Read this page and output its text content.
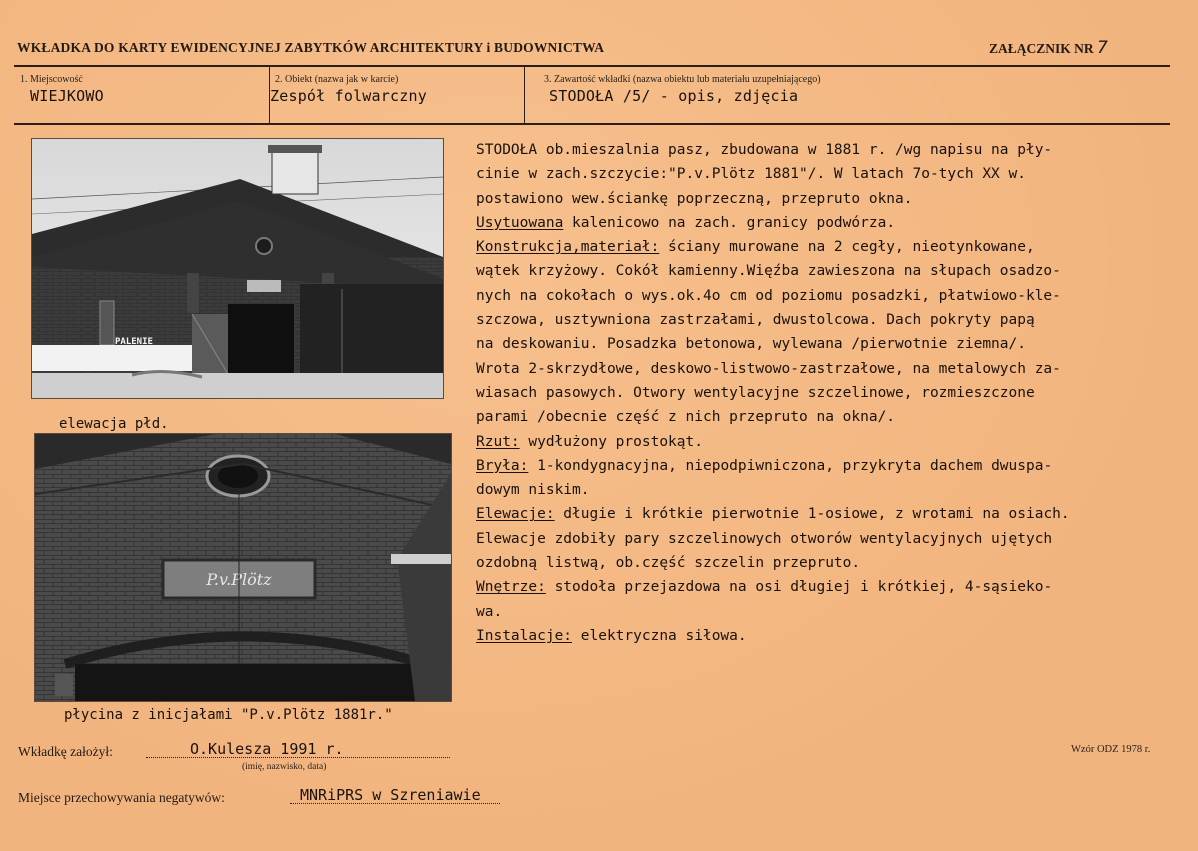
WKŁADKA DO KARTY EWIDENCYJNEJ ZABYTKÓW ARCHITEKTURY i BUDOWNICTWA	ZAŁĄCZNIK NR 7
1. Miejscowość
WIEJKOWO
2. Obiekt (nazwa jak w karcie)
Zespół folwarczny
3. Zawartość wkładki (nazwa obiektu lub materiału uzupełniającego)
STODOŁA /5/ - opis, zdjęcia
PALENIE
elewacja płd.
P.v.Plötz
płycina z inicjałami "P.v.Plötz 1881r."
STODOŁA ob.mieszalnia pasz, zbudowana w 1881 r. /wg napisu na pły-
cinie w zach.szczycie:"P.v.Plötz 1881"/. W latach 7o-tych XX w.
postawiono wew.ściankę poprzeczną, przepruto okna.
Usytuowana kalenicowo na zach. granicy podwórza.
Konstrukcja,materiał: ściany murowane na 2 cegły, nieotynkowane,
wątek krzyżowy. Cokół kamienny.Więźba zawieszona na słupach osadzo-
nych na cokołach o wys.ok.4o cm od poziomu posadzki, płatwiowo-kle-
szczowa, usztywniona zastrzałami, dwustolcowa. Dach pokryty papą
na deskowaniu. Posadzka betonowa, wylewana /pierwotnie ziemna/.
Wrota 2-skrzydłowe, deskowo-listwowo-zastrzałowe, na metalowych za-
wiasach pasowych. Otwory wentylacyjne szczelinowe, rozmieszczone
parami /obecnie część z nich przepruto na okna/.
Rzut: wydłużony prostokąt.
Bryła: 1-kondygnacyjna, niepodpiwniczona, przykryta dachem dwuspa-
dowym niskim.
Elewacje: długie i krótkie pierwotnie 1-osiowe, z wrotami na osiach.
Elewacje zdobiły pary szczelinowych otworów wentylacyjnych ujętych
ozdobną listwą, ob.część szczelin przepruto.
Wnętrze: stodoła przejazdowa na osi długiej i krótkiej, 4-sąsieko-
wa.
Instalacje: elektryczna siłowa.
Wkładkę założył:	O.Kulesza 1991 r.
(imię, nazwisko, data)
Wzór ODZ 1978 r.
Miejsce przechowywania negatywów:	MNRiPRS w Szreniawie
